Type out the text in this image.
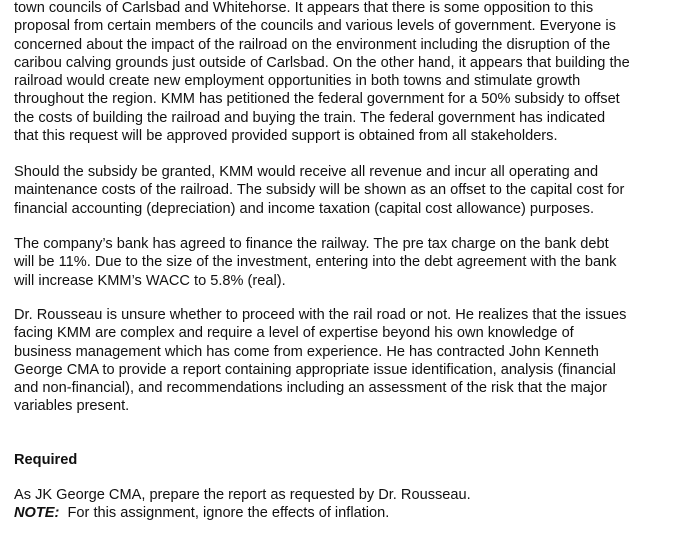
town councils of Carlsbad and Whitehorse. It appears that there is some opposition to this
proposal from certain members of the councils and various levels of government. Everyone is
concerned about the impact of the railroad on the environment including the disruption of the
caribou calving grounds just outside of Carlsbad. On the other hand, it appears that building the
railroad would create new employment opportunities in both towns and stimulate growth
throughout the region. KMM has petitioned the federal government for a 50% subsidy to offset
the costs of building the railroad and buying the train. The federal government has indicated
that this request will be approved provided support is obtained from all stakeholders.

Should the subsidy be granted, KMM would receive all revenue and incur all operating and
maintenance costs of the railroad. The subsidy will be shown as an offset to the capital cost for
financial accounting (depreciation) and income taxation (capital cost allowance) purposes.

The company’s bank has agreed to finance the railway. The pre tax charge on the bank debt
will be 11%. Due to the size of the investment, entering into the debt agreement with the bank
will increase KMM’s WACC to 5.8% (real).

Dr. Rousseau is unsure whether to proceed with the rail road or not. He realizes that the issues
facing KMM are complex and require a level of expertise beyond his own knowledge of
business management which has come from experience. He has contracted John Kenneth
George CMA to provide a report containing appropriate issue identification, analysis (financial
and non-financial), and recommendations including an assessment of the risk that the major
variables present.

Required

As JK George CMA, prepare the report as requested by Dr. Rousseau.
NOTE:  For this assignment, ignore the effects of inflation.
